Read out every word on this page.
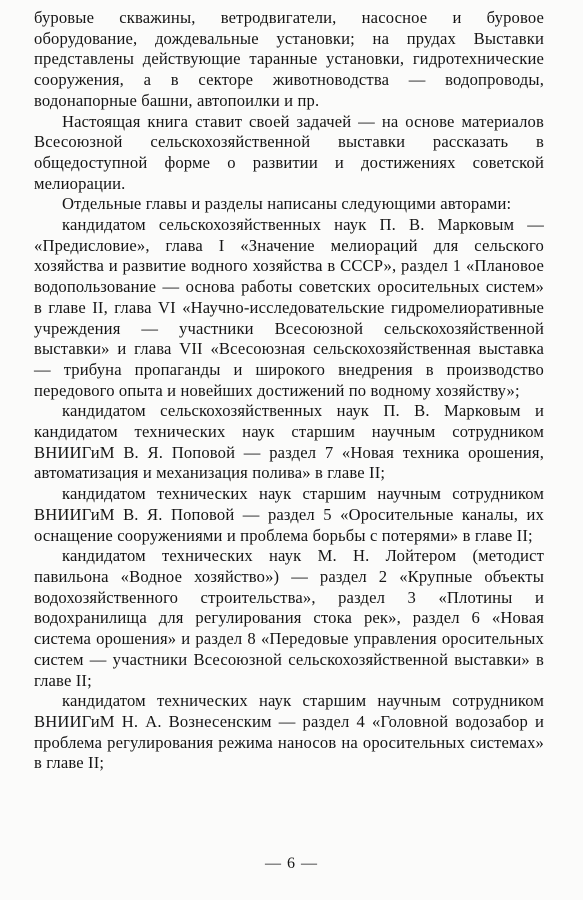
буровые скважины, ветродвигатели, насосное и буровое оборудование, дождевальные установки; на прудах Выставки представлены действующие таранные установки, гидротехнические сооружения, а в секторе животноводства — водопроводы, водонапорные башни, автопоилки и пр.

Настоящая книга ставит своей задачей — на основе материалов Всесоюзной сельскохозяйственной выставки рассказать в общедоступной форме о развитии и достижениях советской мелиорации.

Отдельные главы и разделы написаны следующими авторами:

кандидатом сельскохозяйственных наук П. В. Марковым — «Предисловие», глава I «Значение мелиораций для сельского хозяйства и развитие водного хозяйства в СССР», раздел 1 «Плановое водопользование — основа работы советских оросительных систем» в главе II, глава VI «Научно-исследовательские гидромелиоративные учреждения — участники Всесоюзной сельскохозяйственной выставки» и глава VII «Всесоюзная сельскохозяйственная выставка — трибуна пропаганды и широкого внедрения в производство передового опыта и новейших достижений по водному хозяйству»;

кандидатом сельскохозяйственных наук П. В. Марковым и кандидатом технических наук старшим научным сотрудником ВНИИГиМ В. Я. Поповой — раздел 7 «Новая техника орошения, автоматизация и механизация полива» в главе II;

кандидатом технических наук старшим научным сотрудником ВНИИГиМ В. Я. Поповой — раздел 5 «Оросительные каналы, их оснащение сооружениями и проблема борьбы с потерями» в главе II;

кандидатом технических наук М. Н. Лойтером (методист павильона «Водное хозяйство») — раздел 2 «Крупные объекты водохозяйственного строительства», раздел 3 «Плотины и водохранилища для регулирования стока рек», раздел 6 «Новая система орошения» и раздел 8 «Передовые управления оросительных систем — участники Всесоюзной сельскохозяйственной выставки» в главе II;

кандидатом технических наук старшим научным сотрудником ВНИИГиМ Н. А. Вознесенским — раздел 4 «Головной водозабор и проблема регулирования режима наносов на оросительных системах» в главе II;

— 6 —
